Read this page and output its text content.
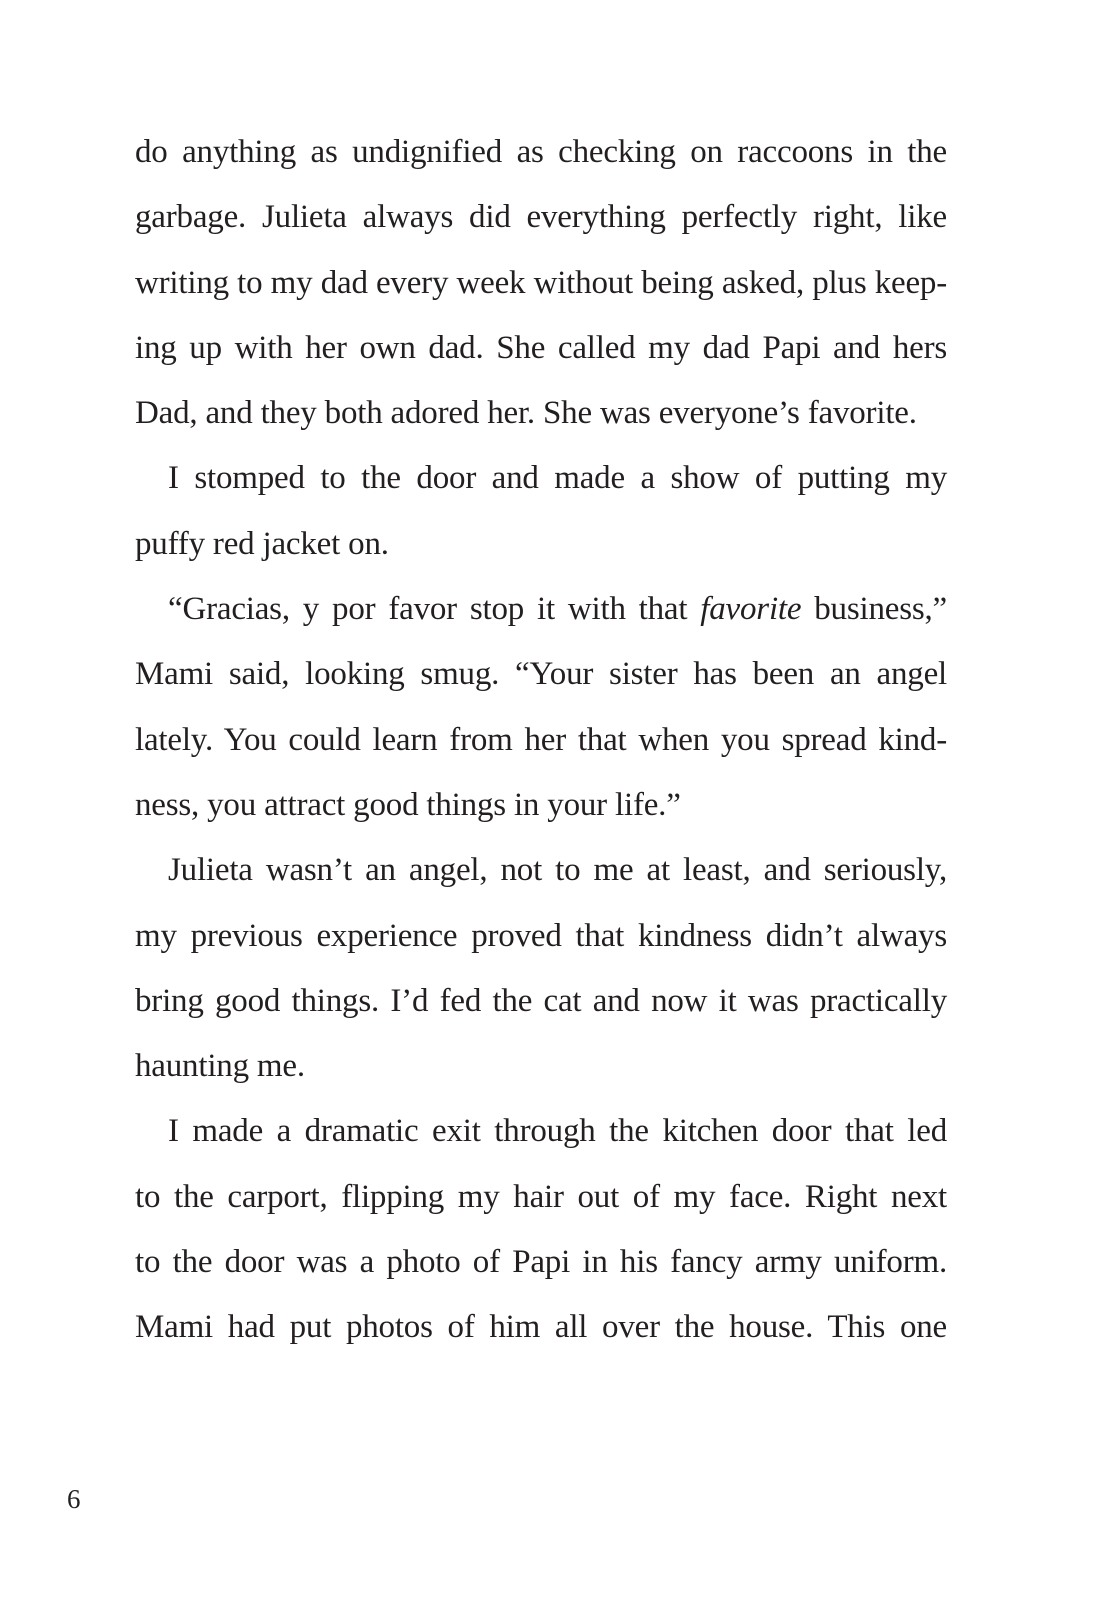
do anything as undignified as checking on raccoons in the
garbage. Julieta always did everything perfectly right, like
writing to my dad every week without being asked, plus keep-
ing up with her own dad. She called my dad Papi and hers
Dad, and they both adored her. She was everyone’s favorite.
I stomped to the door and made a show of putting my
puffy red jacket on.
“Gracias, y por favor stop it with that favorite business,”
Mami said, looking smug. “Your sister has been an angel
lately. You could learn from her that when you spread kind-
ness, you attract good things in your life.”
Julieta wasn’t an angel, not to me at least, and seriously,
my previous experience proved that kindness didn’t always
bring good things. I’d fed the cat and now it was practically
haunting me.
I made a dramatic exit through the kitchen door that led
to the carport, flipping my hair out of my face. Right next
to the door was a photo of Papi in his fancy army uniform.
Mami had put photos of him all over the house. This one
6
